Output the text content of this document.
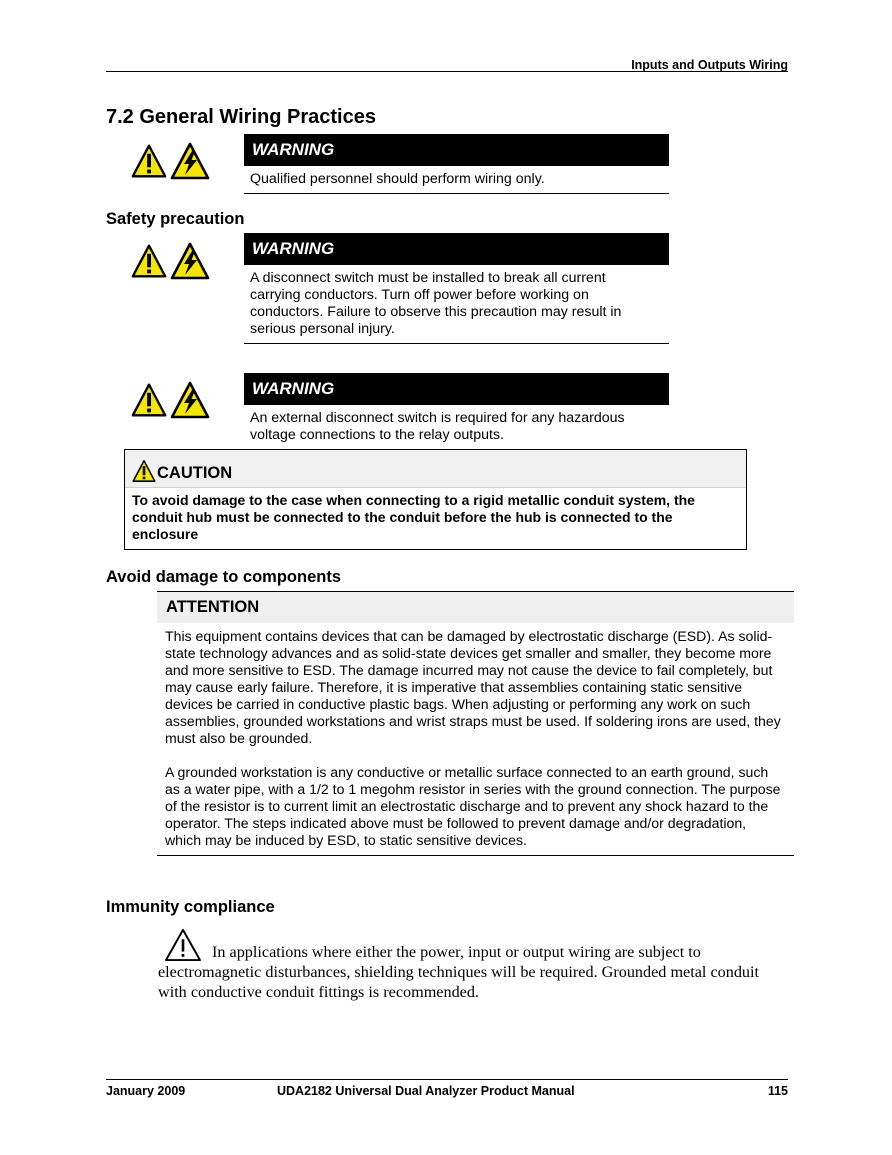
Inputs and Outputs Wiring
7.2 General Wiring Practices
WARNING
Qualified personnel should perform wiring only.
Safety precaution
WARNING
A disconnect switch must be installed to break all current carrying conductors. Turn off power before working on conductors. Failure to observe this precaution may result in serious personal injury.
WARNING
An external disconnect switch is required for any hazardous voltage connections to the relay outputs.
CAUTION
To avoid damage to the case when connecting to a rigid metallic conduit system, the conduit hub must be connected to the conduit before the hub is connected to the enclosure
Avoid damage to components
ATTENTION
This equipment contains devices that can be damaged by electrostatic discharge (ESD). As solid-state technology advances and as solid-state devices get smaller and smaller, they become more and more sensitive to ESD. The damage incurred may not cause the device to fail completely, but may cause early failure. Therefore, it is imperative that assemblies containing static sensitive devices be carried in conductive plastic bags. When adjusting or performing any work on such assemblies, grounded workstations and wrist straps must be used. If soldering irons are used, they must also be grounded.
A grounded workstation is any conductive or metallic surface connected to an earth ground, such as a water pipe, with a 1/2 to 1 megohm resistor in series with the ground connection. The purpose of the resistor is to current limit an electrostatic discharge and to prevent any shock hazard to the operator. The steps indicated above must be followed to prevent damage and/or degradation, which may be induced by ESD, to static sensitive devices.
Immunity compliance
In applications where either the power, input or output wiring are subject to electromagnetic disturbances, shielding techniques will be required. Grounded metal conduit with conductive conduit fittings is recommended.
January 2009	UDA2182 Universal Dual Analyzer Product Manual	115
